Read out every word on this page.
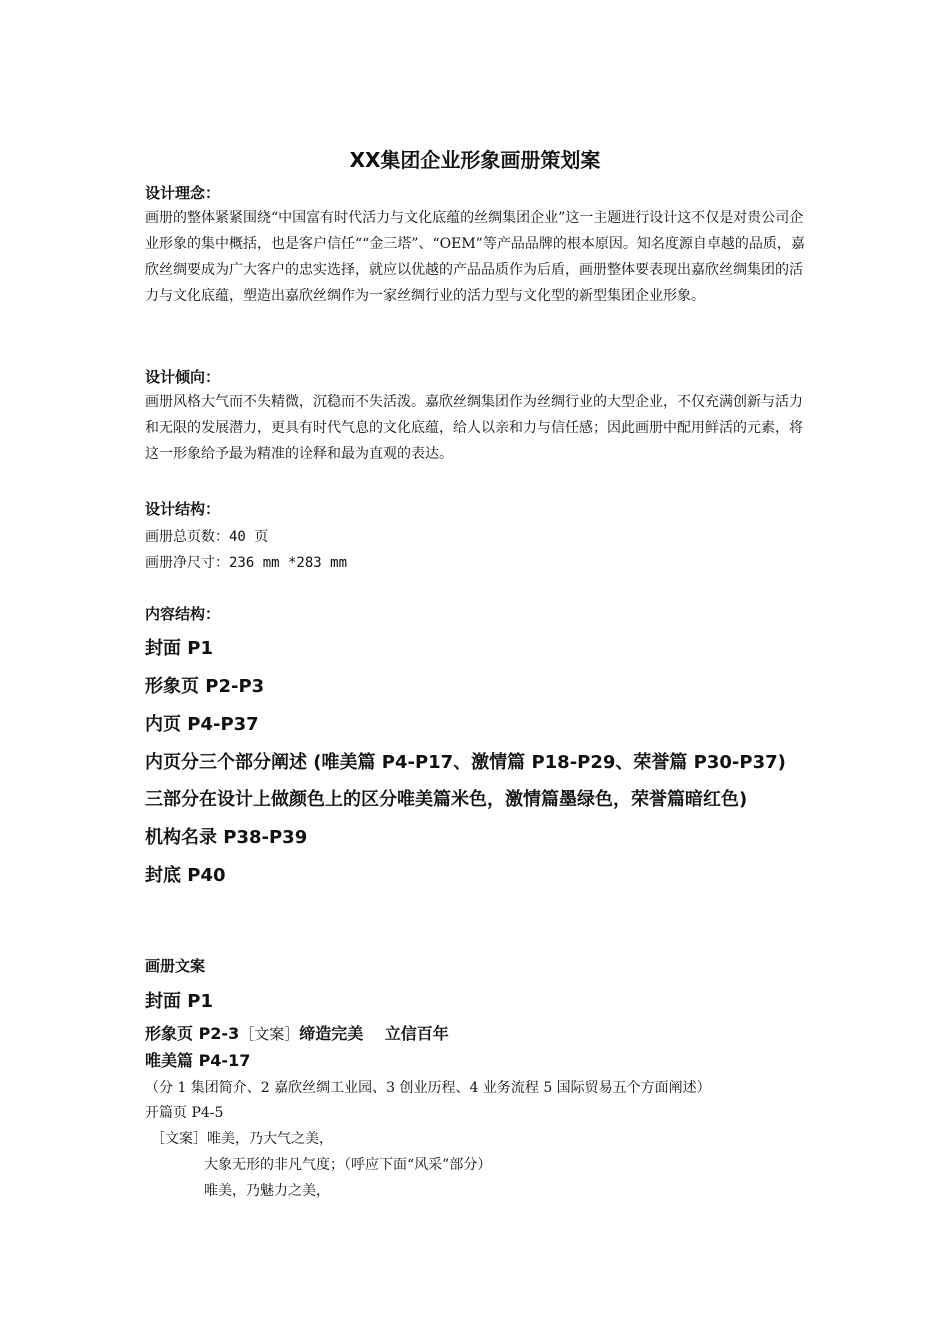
XX集团企业形象画册策划案
设计理念：
画册的整体紧紧围绕“中国富有时代活力与文化底蕴的丝绸集团企业”这一主题进行设计这不仅是对贵公司企业形象的集中概括，也是客户信任““金三塔”、“OEM”等产品品牌的根本原因。知名度源自卓越的品质，嘉欣丝绸要成为广大客户的忠实选择，就应以优越的产品品质作为后盾，画册整体要表现出嘉欣丝绸集团的活力与文化底蕴，塑造出嘉欣丝绸作为一家丝绸行业的活力型与文化型的新型集团企业形象。
设计倾向：
画册风格大气而不失精微，沉稳而不失活泼。嘉欣丝绸集团作为丝绸行业的大型企业，不仅充满创新与活力和无限的发展潜力，更具有时代气息的文化底蕴，给人以亲和力与信任感；因此画册中配用鲜活的元素，将这一形象给予最为精准的诠释和最为直观的表达。
设计结构：
画册总页数：40 页
画册净尺寸：236 mm *283 mm
内容结构：
封面 P1
形象页 P2-P3
内页 P4-P37
内页分三个部分阐述 (唯美篇 P4-P17、激情篇 P18-P29、荣誉篇 P30-P37)
三部分在设计上做颜色上的区分唯美篇米色，激情篇墨绿色，荣誉篇暗红色)
机构名录 P38-P39
封底 P40
画册文案
封面 P1
形象页 P2-3［文案］缔造完美　 立信百年
唯美篇 P4-17（分 1 集团简介、2 嘉欣丝绸工业园、3 创业历程、4 业务流程 5 国际贸易五个方面阐述）
开篇页 P4-5
［文案］唯美，乃大气之美，
大象无形的非凡气度；（呼应下面“风采”部分）
唯美，乃魅力之美，
